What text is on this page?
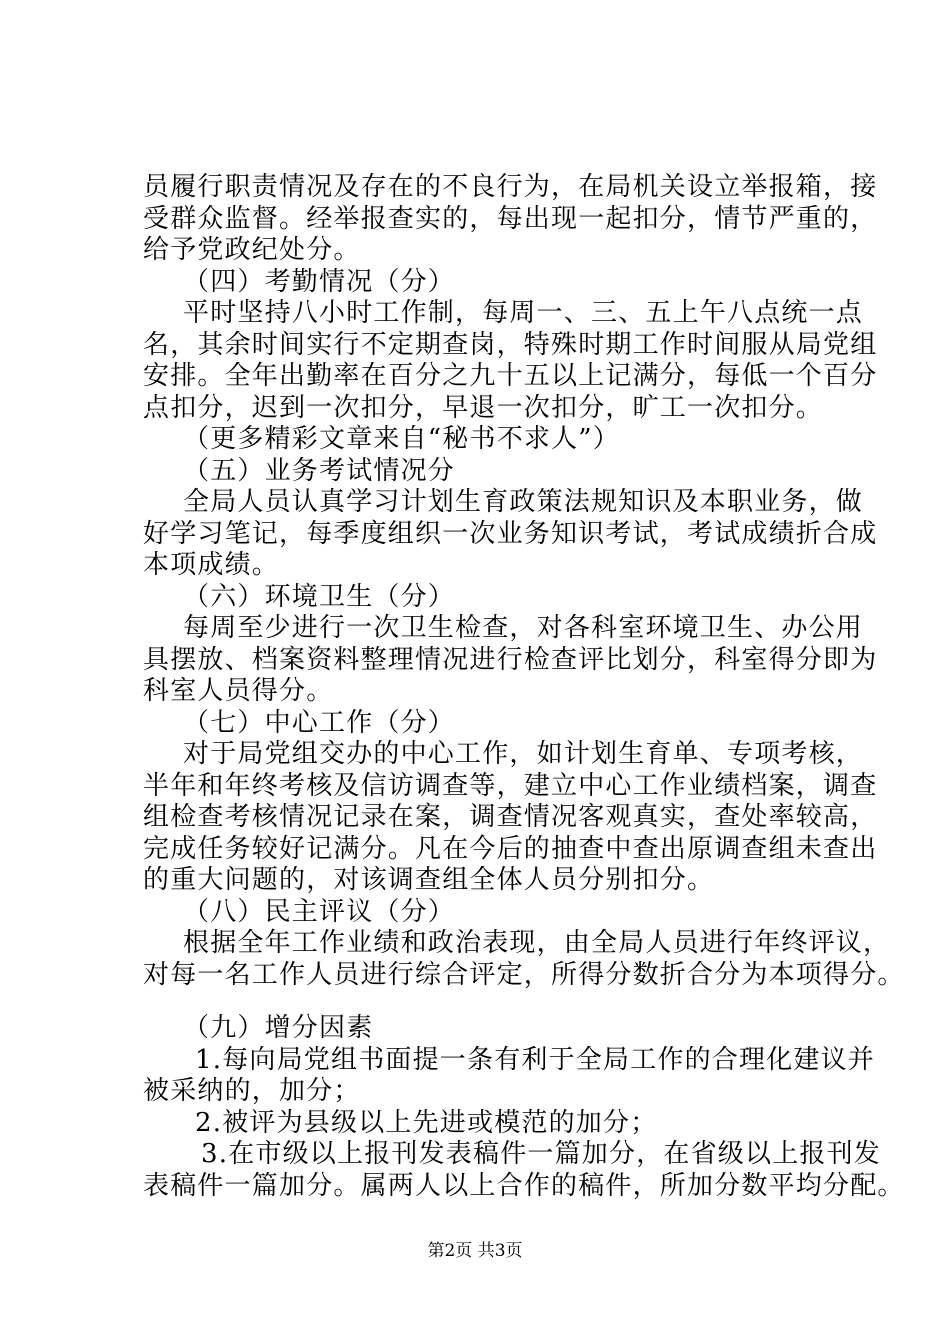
员履行职责情况及存在的不良行为，在局机关设立举报箱，接
受群众监督。经举报查实的，每出现一起扣分，情节严重的，
给予党政纪处分。
（四）考勤情况（分）
平时坚持八小时工作制，每周一、三、五上午八点统一点
名，其余时间实行不定期查岗，特殊时期工作时间服从局党组
安排。全年出勤率在百分之九十五以上记满分，每低一个百分
点扣分，迟到一次扣分，早退一次扣分，旷工一次扣分。
（更多精彩文章来自“秘书不求人”）
（五）业务考试情况分
全局人员认真学习计划生育政策法规知识及本职业务，做
好学习笔记，每季度组织一次业务知识考试，考试成绩折合成
本项成绩。
（六）环境卫生（分）
每周至少进行一次卫生检查，对各科室环境卫生、办公用
具摆放、档案资料整理情况进行检查评比划分，科室得分即为
科室人员得分。
（七）中心工作（分）
对于局党组交办的中心工作，如计划生育单、专项考核，
半年和年终考核及信访调查等，建立中心工作业绩档案，调查
组检查考核情况记录在案，调查情况客观真实，查处率较高，
完成任务较好记满分。凡在今后的抽查中查出原调查组未查出
的重大问题的，对该调查组全体人员分别扣分。
（八）民主评议（分）
根据全年工作业绩和政治表现，由全局人员进行年终评议，
对每一名工作人员进行综合评定，所得分数折合分为本项得分。
（九）增分因素
1.每向局党组书面提一条有利于全局工作的合理化建议并
被采纳的，加分；
2.被评为县级以上先进或模范的加分；
3.在市级以上报刊发表稿件一篇加分，在省级以上报刊发
表稿件一篇加分。属两人以上合作的稿件，所加分数平均分配。
第2页 共3页
